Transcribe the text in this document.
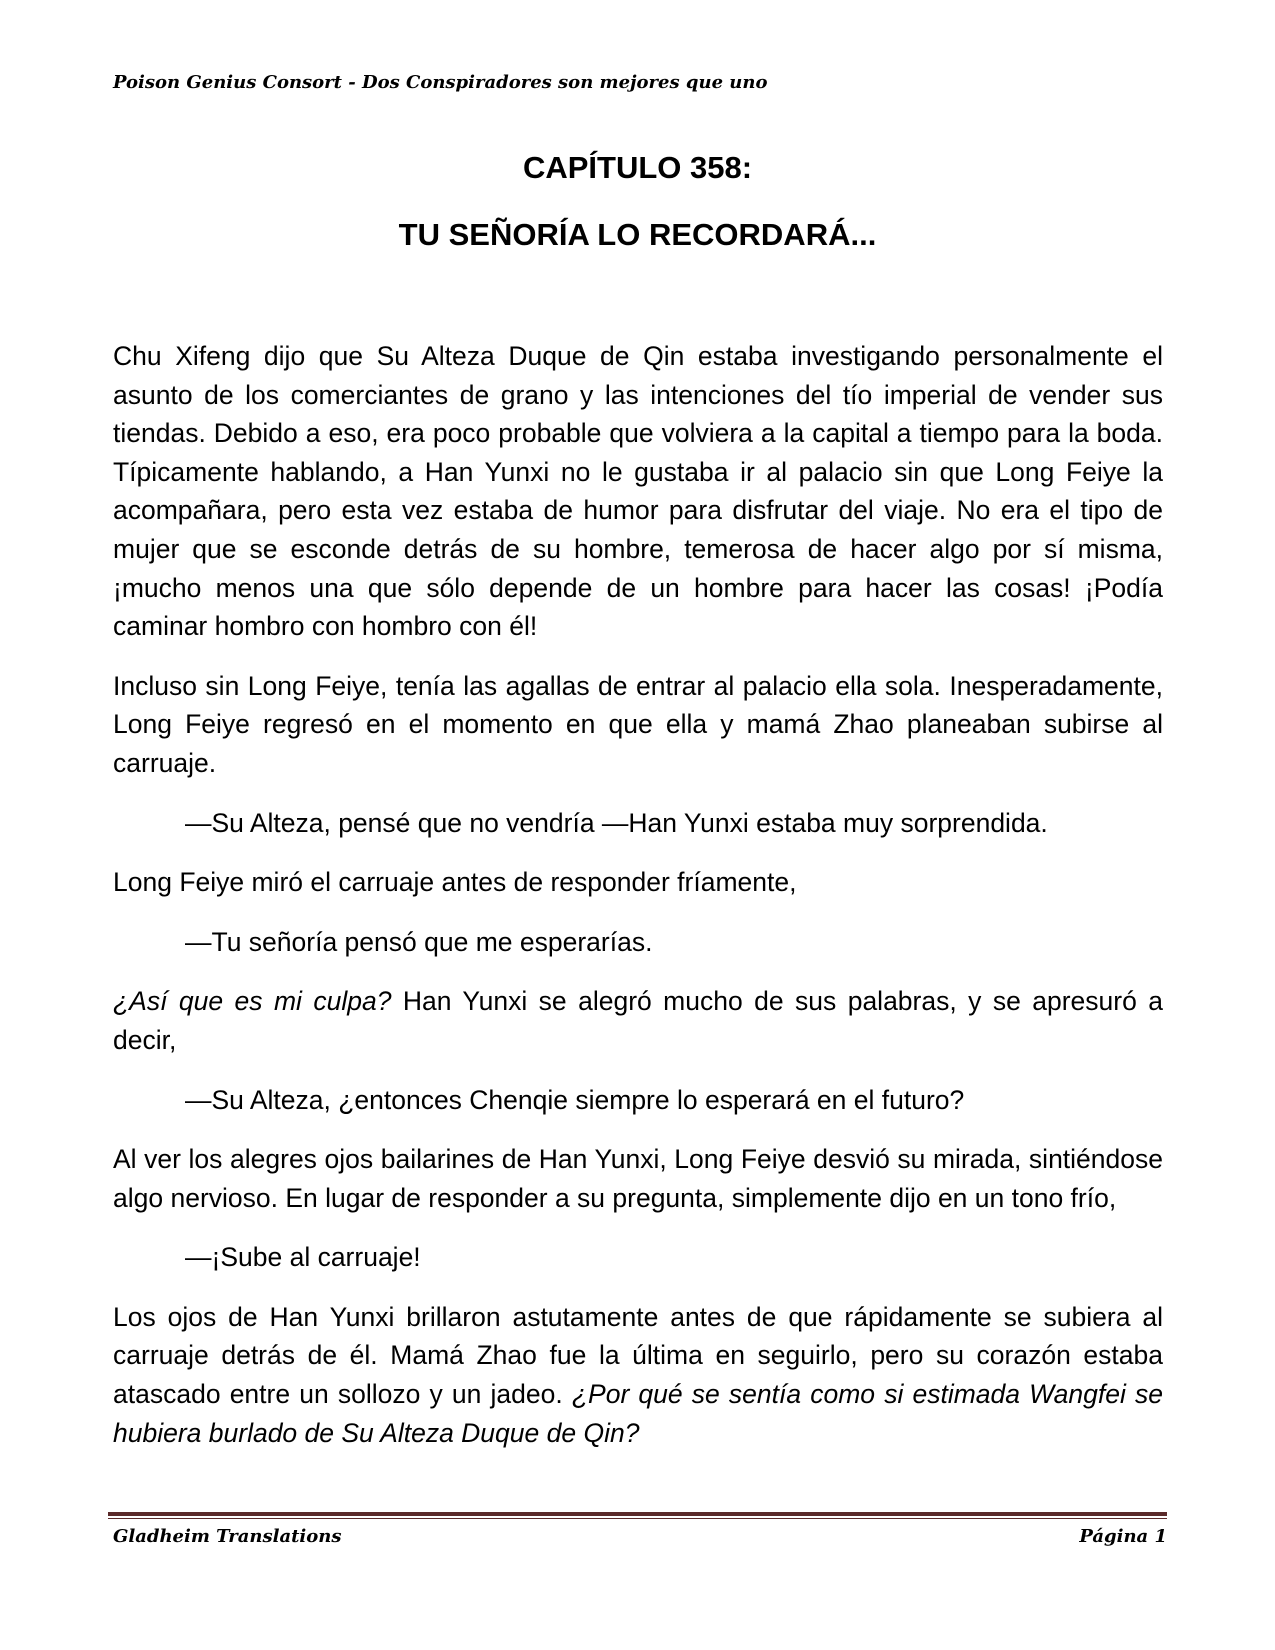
Poison Genius Consort - Dos Conspiradores son mejores que uno
CAPÍTULO 358:
TU SEÑORÍA LO RECORDARÁ...

Chu Xifeng dijo que Su Alteza Duque de Qin estaba investigando personalmente el asunto de los comerciantes de grano y las intenciones del tío imperial de vender sus tiendas. Debido a eso, era poco probable que volviera a la capital a tiempo para la boda. Típicamente hablando, a Han Yunxi no le gustaba ir al palacio sin que Long Feiye la acompañara, pero esta vez estaba de humor para disfrutar del viaje. No era el tipo de mujer que se esconde detrás de su hombre, temerosa de hacer algo por sí misma, ¡mucho menos una que sólo depende de un hombre para hacer las cosas! ¡Podía caminar hombro con hombro con él!

Incluso sin Long Feiye, tenía las agallas de entrar al palacio ella sola. Inesperadamente, Long Feiye regresó en el momento en que ella y mamá Zhao planeaban subirse al carruaje.

—Su Alteza, pensé que no vendría —Han Yunxi estaba muy sorprendida.

Long Feiye miró el carruaje antes de responder fríamente,

—Tu señoría pensó que me esperarías.

¿Así que es mi culpa? Han Yunxi se alegró mucho de sus palabras, y se apresuró a decir,

—Su Alteza, ¿entonces Chenqie siempre lo esperará en el futuro?

Al ver los alegres ojos bailarines de Han Yunxi, Long Feiye desvió su mirada, sintiéndose algo nervioso. En lugar de responder a su pregunta, simplemente dijo en un tono frío,

—¡Sube al carruaje!

Los ojos de Han Yunxi brillaron astutamente antes de que rápidamente se subiera al carruaje detrás de él. Mamá Zhao fue la última en seguirlo, pero su corazón estaba atascado entre un sollozo y un jadeo. ¿Por qué se sentía como si estimada Wangfei se hubiera burlado de Su Alteza Duque de Qin?

Gladheim Translations	Página 1
